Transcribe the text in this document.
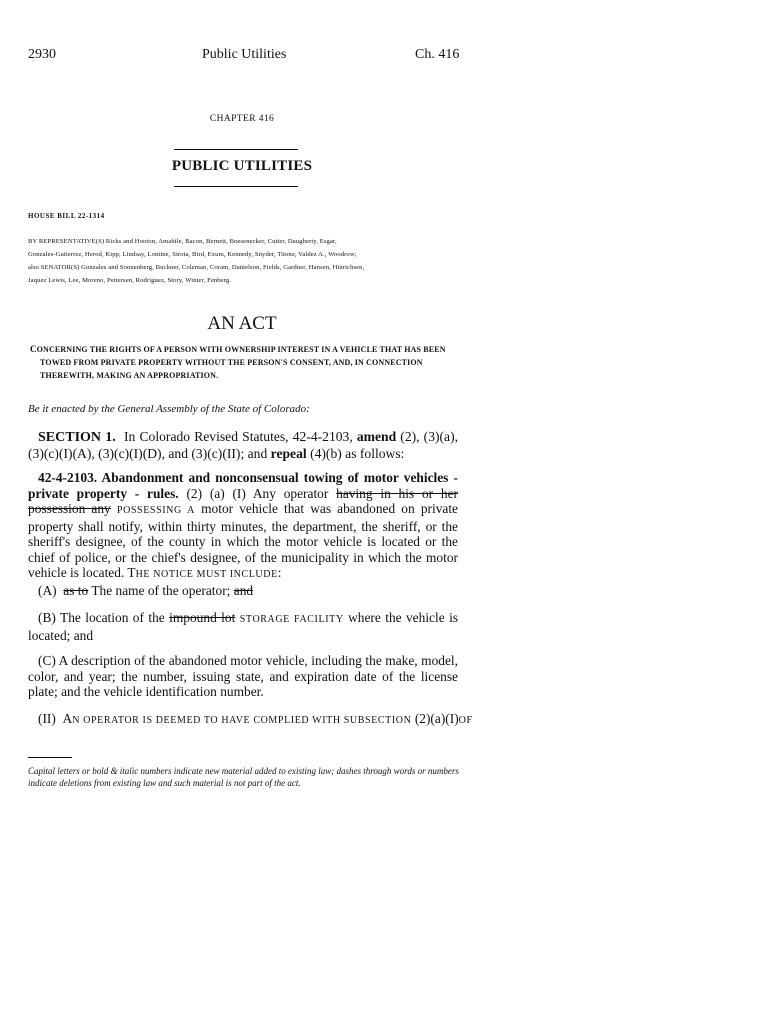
2930	Public Utilities	Ch. 416
CHAPTER 416
PUBLIC UTILITIES
HOUSE BILL 22-1314
BY REPRESENTATIVE(S) Ricks and Hooton, Amabile, Bacon, Bernett, Boesenecker, Cutter, Daugherty, Esgar,
Gonzales-Gutierrez, Herod, Kipp, Lindsay, Lontine, Sirota, Bird, Exum, Kennedy, Snyder, Titone, Valdez A., Woodrow;
also SENATOR(S) Gonzales and Sonnenberg, Buckner, Coleman, Coram, Danielson, Fields, Gardner, Hansen, Hinrichsen,
Jaquez Lewis, Lee, Moreno, Pettersen, Rodriguez, Story, Winter, Fenberg.
AN ACT
CONCERNING THE RIGHTS OF A PERSON WITH OWNERSHIP INTEREST IN A VEHICLE THAT HAS BEEN
TOWED FROM PRIVATE PROPERTY WITHOUT THE PERSON'S CONSENT, AND, IN CONNECTION
THEREWITH, MAKING AN APPROPRIATION.
Be it enacted by the General Assembly of the State of Colorado:
SECTION 1. In Colorado Revised Statutes, 42-4-2103, amend (2), (3)(a), (3)(c)(I)(A), (3)(c)(I)(D), and (3)(c)(II); and repeal (4)(b) as follows:
42-4-2103. Abandonment and nonconsensual towing of motor vehicles - private property - rules. (2) (a) (I) Any operator having in his or her possession any POSSESSING A motor vehicle that was abandoned on private property shall notify, within thirty minutes, the department, the sheriff, or the sheriff's designee, of the county in which the motor vehicle is located or the chief of police, or the chief's designee, of the municipality in which the motor vehicle is located. THE NOTICE MUST INCLUDE:
(A) as to The name of the operator; and
(B) The location of the impound lot STORAGE FACILITY where the vehicle is located; and
(C) A description of the abandoned motor vehicle, including the make, model, color, and year; the number, issuing state, and expiration date of the license plate; and the vehicle identification number.
(II) AN OPERATOR IS DEEMED TO HAVE COMPLIED WITH SUBSECTION (2)(a)(I)OF
Capital letters or bold & italic numbers indicate new material added to existing law; dashes through words or numbers indicate deletions from existing law and such material is not part of the act.
